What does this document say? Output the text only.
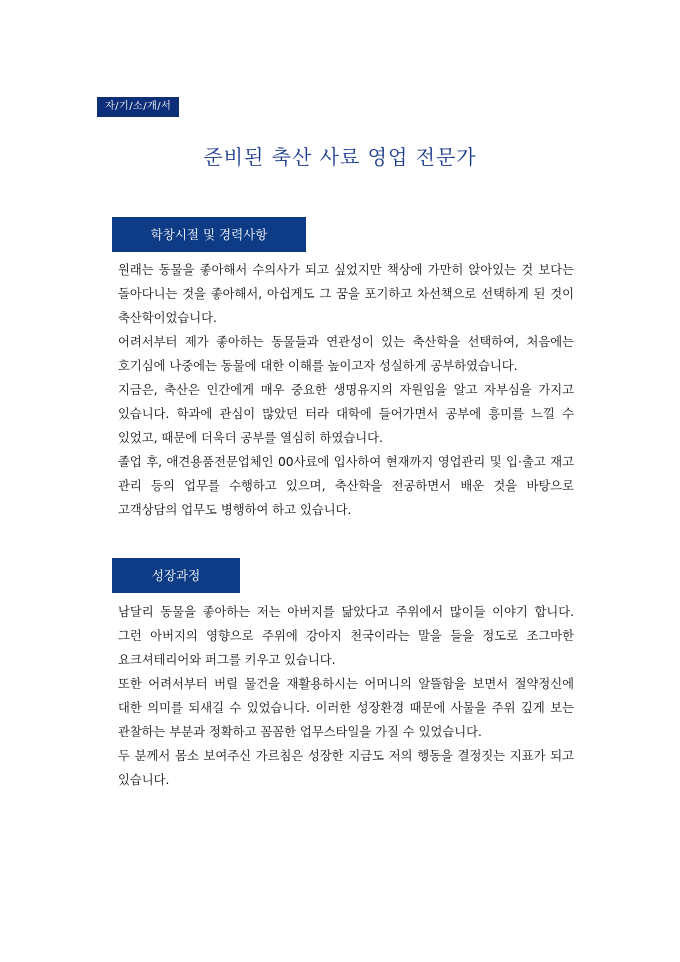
자/기/소/개/서
준비된 축산 사료 영업 전문가
학창시절 및 경력사항

원래는 동물을 좋아해서 수의사가 되고 싶었지만 책상에 가만히 앉아있는 것 보다는 돌아다니는 것을 좋아해서, 아쉽게도 그 꿈을 포기하고 차선책으로 선택하게 된 것이 축산학이었습니다.

어려서부터 제가 좋아하는 동물들과 연관성이 있는 축산학을 선택하여, 처음에는 호기심에 나중에는 동물에 대한 이해를 높이고자 성실하게 공부하였습니다.

지금은, 축산은 인간에게 매우 중요한 생명유지의 자원임을 알고 자부심을 가지고 있습니다. 학과에 관심이 많았던 터라 대학에 들어가면서 공부에 흥미를 느낄 수 있었고, 때문에 더욱더 공부를 열심히 하였습니다.

졸업 후, 애견용품전문업체인 00사료에 입사하여 현재까지 영업관리 및 입·출고 재고 관리 등의 업무를 수행하고 있으며, 축산학을 전공하면서 배운 것을 바탕으로 고객상담의 업무도 병행하여 하고 있습니다.

성장과정

남달리 동물을 좋아하는 저는 아버지를 닮았다고 주위에서 많이들 이야기 합니다. 그런 아버지의 영향으로 주위에 강아지 천국이라는 말을 들을 정도로 조그마한 요크셔테리어와 퍼그를 키우고 있습니다.

또한 어려서부터 버릴 물건을 재활용하시는 어머니의 알뜰함을 보면서 절약정신에 대한 의미를 되새길 수 있었습니다. 이러한 성장환경 때문에 사물을 주위 깊게 보는 관찰하는 부분과 정확하고 꼼꼼한 업무스타일을 가질 수 있었습니다.

두 분께서 몸소 보여주신 가르침은 성장한 지금도 저의 행동을 결정짓는 지표가 되고 있습니다.
